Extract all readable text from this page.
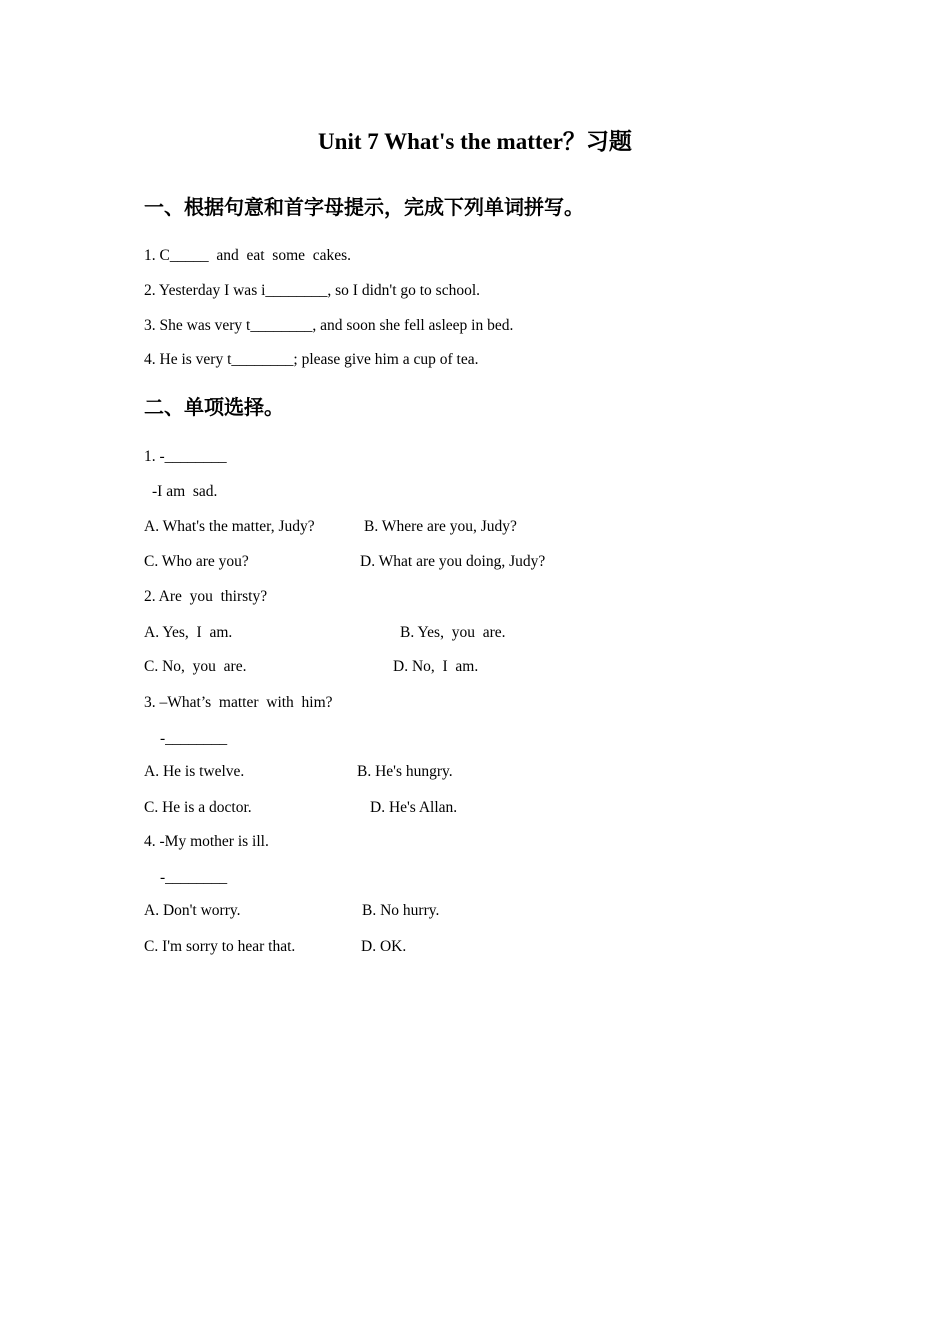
Unit 7 What's the matter？习题
一、根据句意和首字母提示，完成下列单词拼写。
1. C_____  and  eat  some  cakes.
2. Yesterday I was i________, so I didn't go to school.
3. She was very t________, and soon she fell asleep in bed.
4. He is very t________; please give him a cup of tea.
二、单项选择。
1. -________
-I am  sad.
A. What's the matter, Judy?	B. Where are you, Judy?
C. Who are you?	D. What are you doing, Judy?
2. Are  you  thirsty?
A. Yes,  I  am.	B. Yes,  you  are.
C. No,  you  are.	D. No,  I  am.
3. –What’s  matter  with  him?
-________
A. He is twelve.	B. He's hungry.
C. He is a doctor.	D. He's Allan.
4. -My mother is ill.
-________
A. Don't worry.	B. No hurry.
C. I'm sorry to hear that.	D. OK.
